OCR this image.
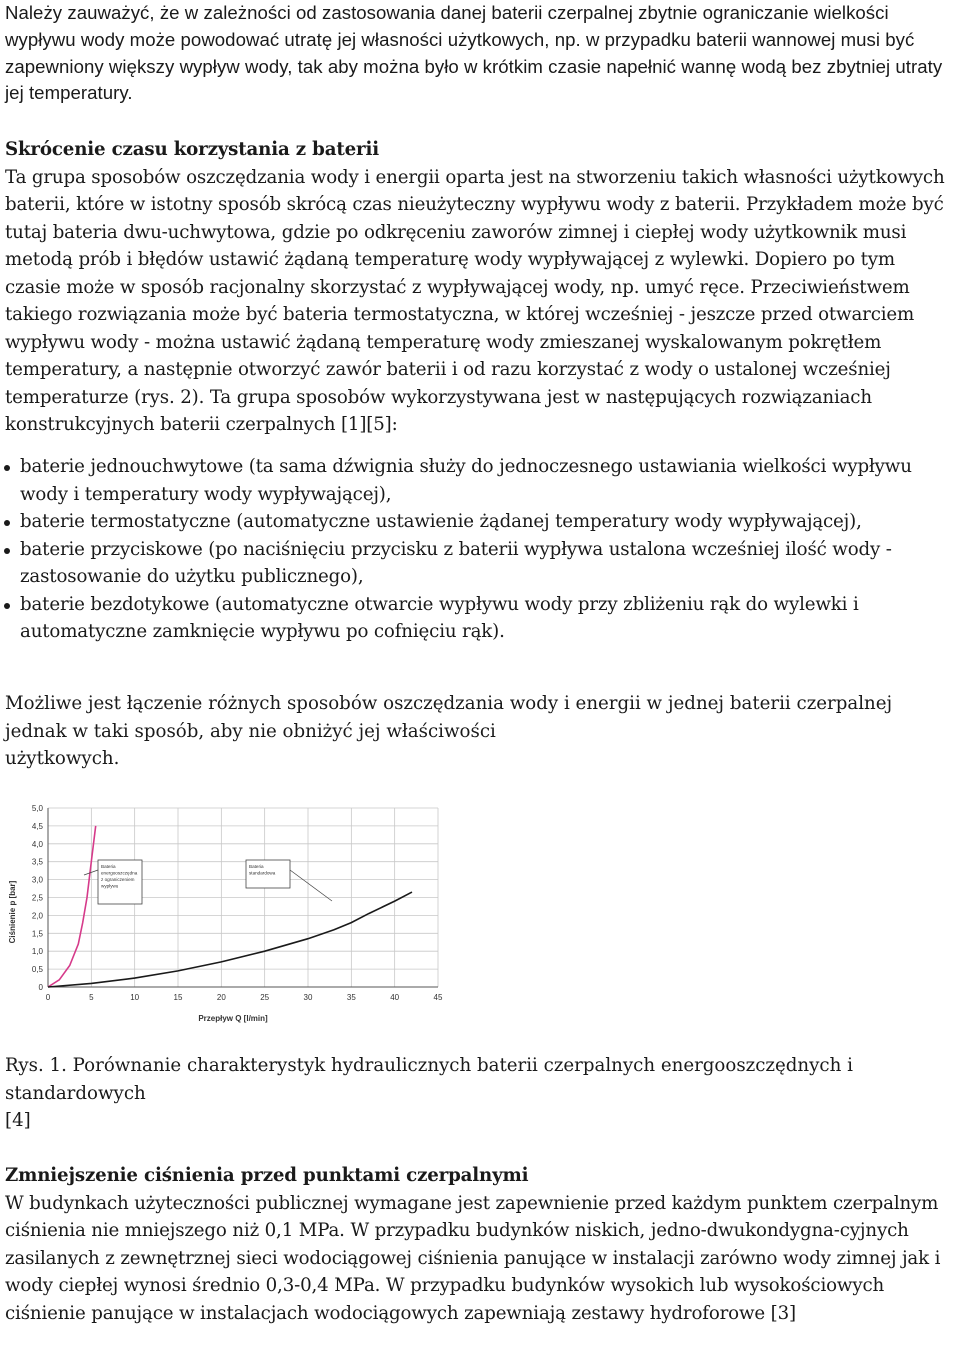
Należy zauważyć, że w zależności od zastosowania danej baterii czerpalnej zbytnie ograniczanie wielkości wypływu wody może powodować utratę jej własności użytkowych, np. w przypadku baterii wannowej musi być zapewniony większy wypływ wody, tak aby można było w krótkim czasie napełnić wannę wodą bez zbytniej utraty jej temperatury.

Skrócenie czasu korzystania z baterii
Ta grupa sposobów oszczędzania wody i energii oparta jest na stworzeniu takich własności użytkowych baterii, które w istotny sposób skrócą czas nieużyteczny wypływu wody z baterii. Przykładem może być tutaj bateria dwu-uchwytowa, gdzie po odkręceniu zaworów zimnej i ciepłej wody użytkownik musi metodą prób i błędów ustawić żądaną temperaturę wody wypływającej z wylewki. Dopiero po tym czasie może w sposób racjonalny skorzystać z wypływającej wody, np. umyć ręce. Przeciwieństwem takiego rozwiązania może być bateria termostatyczna, w której wcześniej - jeszcze przed otwarciem wypływu wody - można ustawić żądaną temperaturę wody zmieszanej wyskalowanym pokrętłem temperatury, a następnie otworzyć zawór baterii i od razu korzystać z wody o ustalonej wcześniej temperaturze (rys. 2). Ta grupa sposobów wykorzystywana jest w następujących rozwiązaniach konstrukcyjnych baterii czerpalnych [1][5]:
baterie jednouchwytowe (ta sama dźwignia służy do jednoczesnego ustawiania wielkości wypływu wody i temperatury wody wypływającej),
baterie termostatyczne (automatyczne ustawienie żądanej temperatury wody wypływającej),
baterie przyciskowe (po naciśnięciu przycisku z baterii wypływa ustalona wcześniej ilość wody - zastosowanie do użytku publicznego),
baterie bezdotykowe (automatyczne otwarcie wypływu wody przy zbliżeniu rąk do wylewki i automatyczne zamknięcie wypływu po cofnięciu rąk).
Możliwe jest łączenie różnych sposobów oszczędzania wody i energii w jednej baterii czerpalnej jednak w taki sposób, aby nie obniżyć jej właściwości
użytkowych.
0
0,5
1,0
1,5
2,0
2,5
3,0
3,5
4,0
4,5
5,0
0	5	10	15	20	25	30	35	40	45
Bateria energooszczędna z ograniczeniem wypływu
Bateria standardowa
Ciśnienie p [bar]
Przepływ Q [l/min]
Rys. 1. Porównanie charakterystyk hydraulicznych baterii czerpalnych energooszczędnych i
standardowych
[4]
Zmniejszenie ciśnienia przed punktami czerpalnymi
W budynkach użyteczności publicznej wymagane jest zapewnienie przed każdym punktem czerpalnym ciśnienia nie mniejszego niż 0,1 MPa. W przypadku budynków niskich, jedno-dwukondygna-cyjnych zasilanych z zewnętrznej sieci wodociągowej ciśnienia panujące w instalacji zarówno wody zimnej jak i wody ciepłej wynosi średnio 0,3-0,4 MPa. W przypadku budynków wysokich lub wysokościowych ciśnienie panujące w instalacjach wodociągowych zapewniają zestawy hydroforowe [3]
